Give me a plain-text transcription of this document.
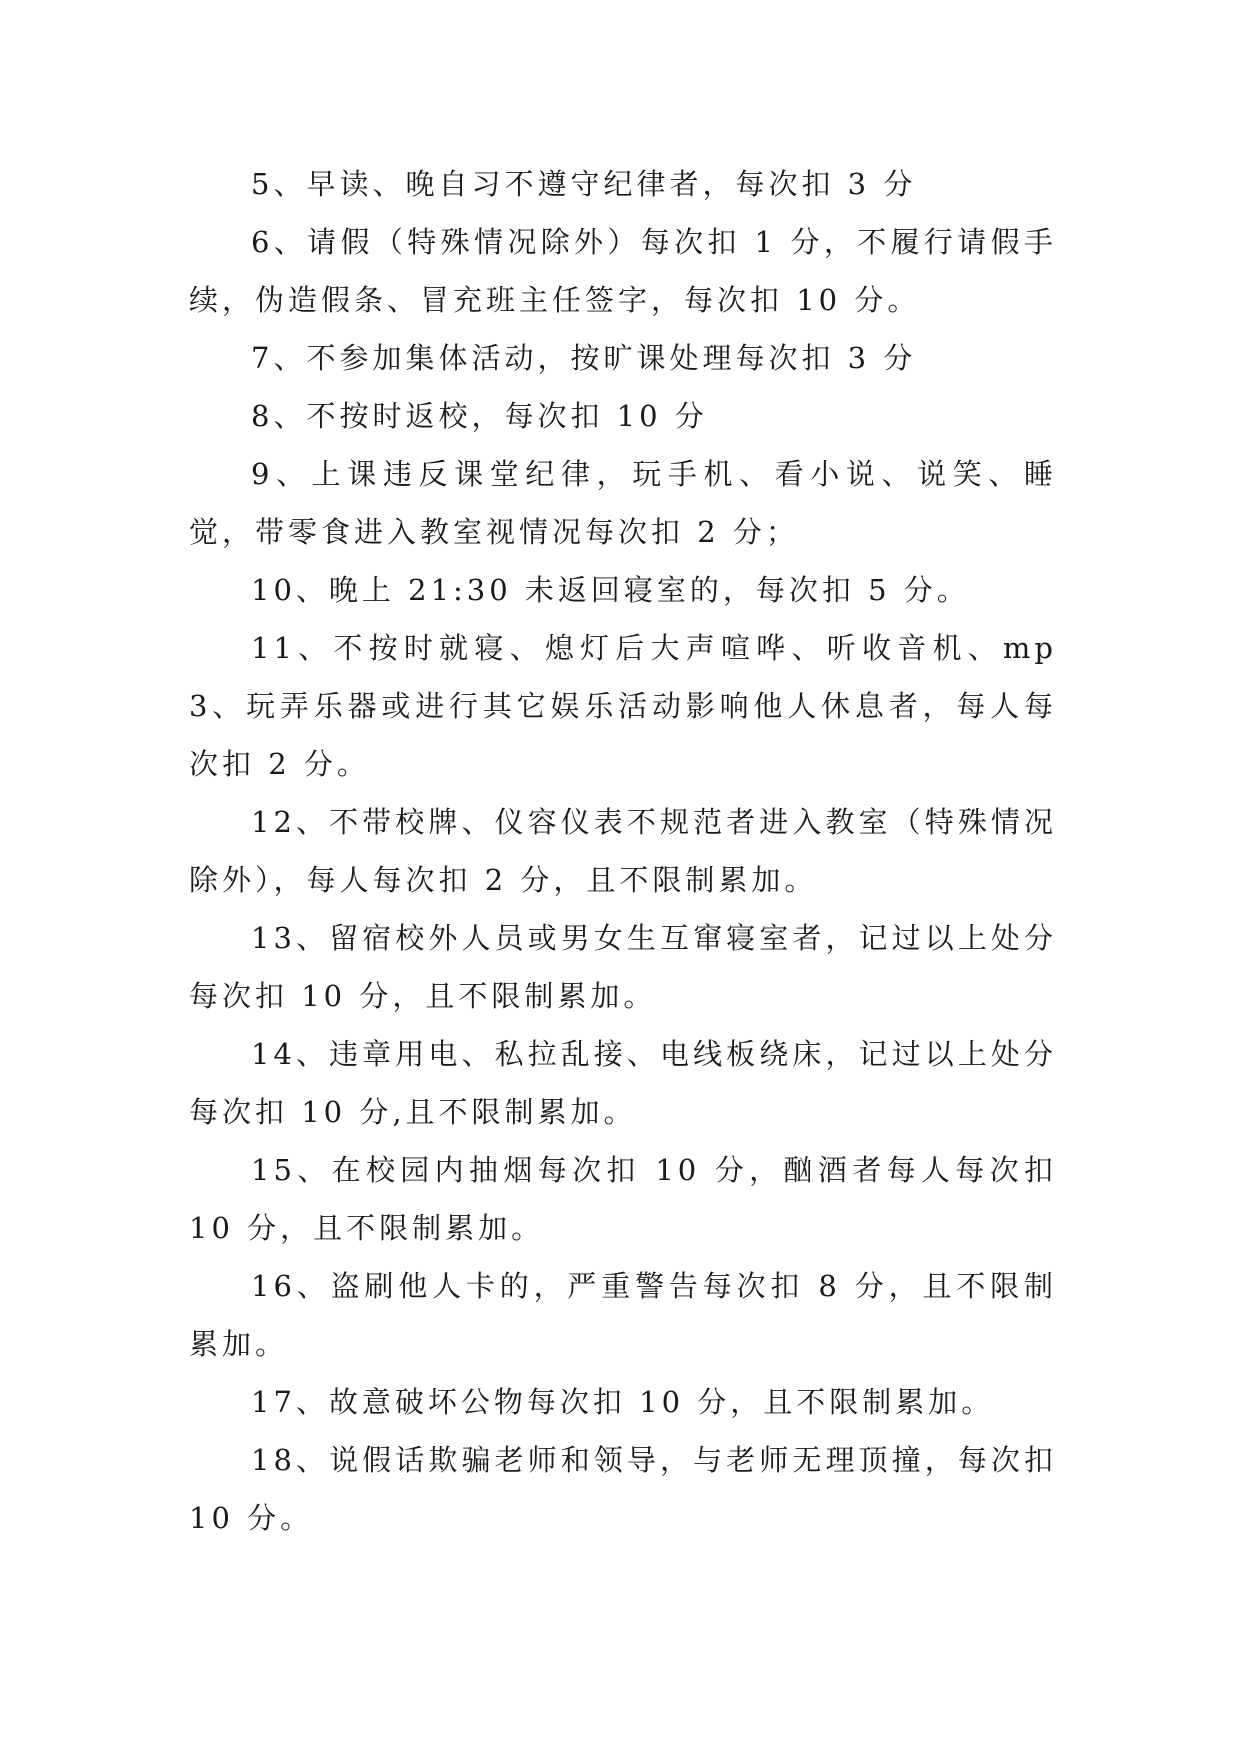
5、早读、晚自习不遵守纪律者，每次扣 3 分

6、请假（特殊情况除外）每次扣 1 分，不履行请假手续，伪造假条、冒充班主任签字，每次扣 10 分。

7、不参加集体活动，按旷课处理每次扣 3 分

8、不按时返校，每次扣 10 分

9、上课违反课堂纪律，玩手机、看小说、说笑、睡觉，带零食进入教室视情况每次扣 2 分；

10、晚上 21:30 未返回寝室的，每次扣 5 分。

11、不按时就寝、熄灯后大声喧哗、听收音机、mp3、玩弄乐器或进行其它娱乐活动影响他人休息者，每人每次扣 2 分。

12、不带校牌、仪容仪表不规范者进入教室（特殊情况除外），每人每次扣 2 分，且不限制累加。

13、留宿校外人员或男女生互窜寝室者，记过以上处分每次扣 10 分，且不限制累加。

14、违章用电、私拉乱接、电线板绕床，记过以上处分每次扣 10 分,且不限制累加。

15、在校园内抽烟每次扣 10 分，酗酒者每人每次扣 10 分，且不限制累加。

16、盗刷他人卡的，严重警告每次扣 8 分，且不限制累加。

17、故意破坏公物每次扣 10 分，且不限制累加。

18、说假话欺骗老师和领导，与老师无理顶撞，每次扣 10 分。
